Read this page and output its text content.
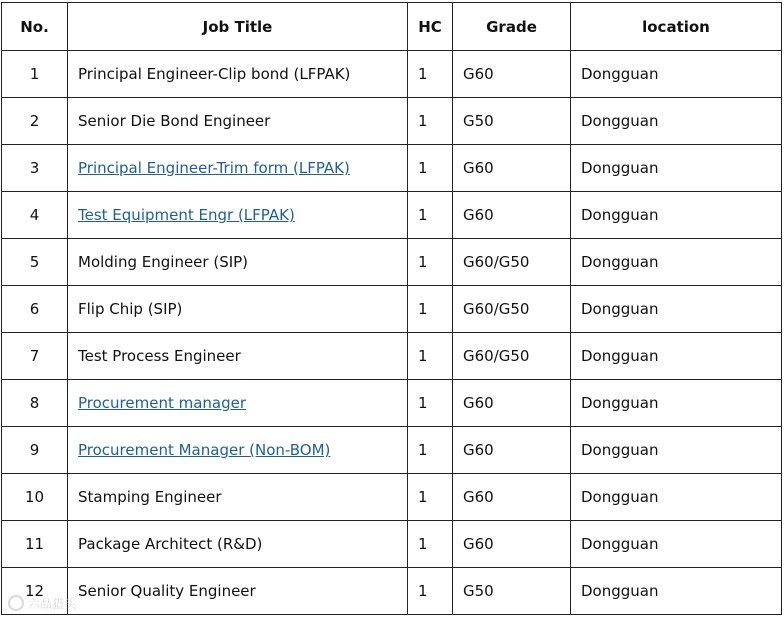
No.	Job Title	HC	Grade	location
1	Principal Engineer-Clip bond (LFPAK)	1	G60	Dongguan
2	Senior Die Bond Engineer	1	G50	Dongguan
3	Principal Engineer-Trim form (LFPAK)	1	G60	Dongguan
4	Test Equipment Engr (LFPAK)	1	G60	Dongguan
5	Molding Engineer (SIP)	1	G60/G50	Dongguan
6	Flip Chip (SIP)	1	G60/G50	Dongguan
7	Test Process Engineer	1	G60/G50	Dongguan
8	Procurement manager	1	G60	Dongguan
9	Procurement Manager (Non-BOM)	1	G60	Dongguan
10	Stamping Engineer	1	G60	Dongguan
11	Package Architect (R&D)	1	G60	Dongguan
12	Senior Quality Engineer	1	G50	Dongguan
六品猎头
